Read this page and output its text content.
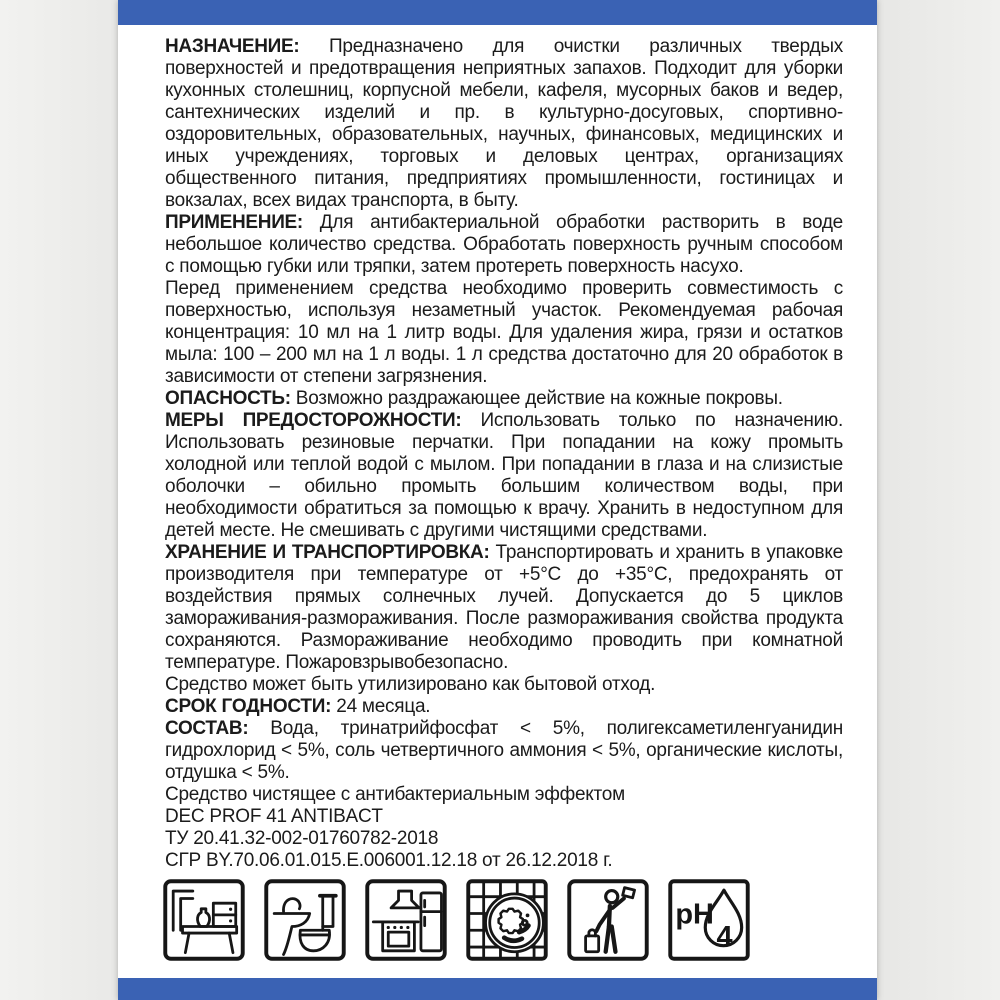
НАЗНАЧЕНИЕ: Предназначено для очистки различных твердых поверхностей и предотвращения неприятных запахов. Подходит для уборки кухонных столешниц, корпусной мебели, кафеля, мусорных баков и ведер, сантехнических изделий и пр. в культурно-досуговых, спортивно-оздоровительных, образовательных, научных, финансовых, медицинских и иных учреждениях, торговых и деловых центрах, организациях общественного питания, предприятиях промышленности, гостиницах и вокзалах, всех видах транспорта, в быту.

ПРИМЕНЕНИЕ: Для антибактериальной обработки растворить в воде небольшое количество средства. Обработать поверхность ручным способом с помощью губки или тряпки, затем протереть поверхность насухо.

Перед применением средства необходимо проверить совместимость с поверхностью, используя незаметный участок. Рекомендуемая рабочая концентрация: 10 мл на 1 литр воды. Для удаления жира, грязи и остатков мыла: 100 – 200 мл на 1 л воды. 1 л средства достаточно для 20 обработок в зависимости от степени загрязнения.

ОПАСНОСТЬ: Возможно раздражающее действие на кожные покровы.

МЕРЫ ПРЕДОСТОРОЖНОСТИ: Использовать только по назначению. Использовать резиновые перчатки. При попадании на кожу промыть холодной или теплой водой с мылом. При попадании в глаза и на слизистые оболочки – обильно промыть большим количеством воды, при необходимости обратиться за помощью к врачу. Хранить в недоступном для детей месте. Не смешивать с другими чистящими средствами.

ХРАНЕНИЕ И ТРАНСПОРТИРОВКА: Транспортировать и хранить в упаковке производителя при температуре от +5°С до +35°С, предохранять от воздействия прямых солнечных лучей. Допускается до 5 циклов замораживания-размораживания. После размораживания свойства продукта сохраняются. Размораживание необходимо проводить при комнатной температуре. Пожаровзрывобезопасно.

Средство может быть утилизировано как бытовой отход.

СРОК ГОДНОСТИ: 24 месяца.

СОСТАВ: Вода, тринатрийфосфат < 5%, полигексаметиленгуанидин гидрохлорид < 5%, соль четвертичного аммония < 5%, органические кислоты, отдушка < 5%.

Средство чистящее с антибактериальным эффектом

DEC PROF 41 ANTIBACT

ТУ 20.41.32-002-01760782-2018

СГР BY.70.06.01.015.Е.006001.12.18 от 26.12.2018 г.

pH
4
